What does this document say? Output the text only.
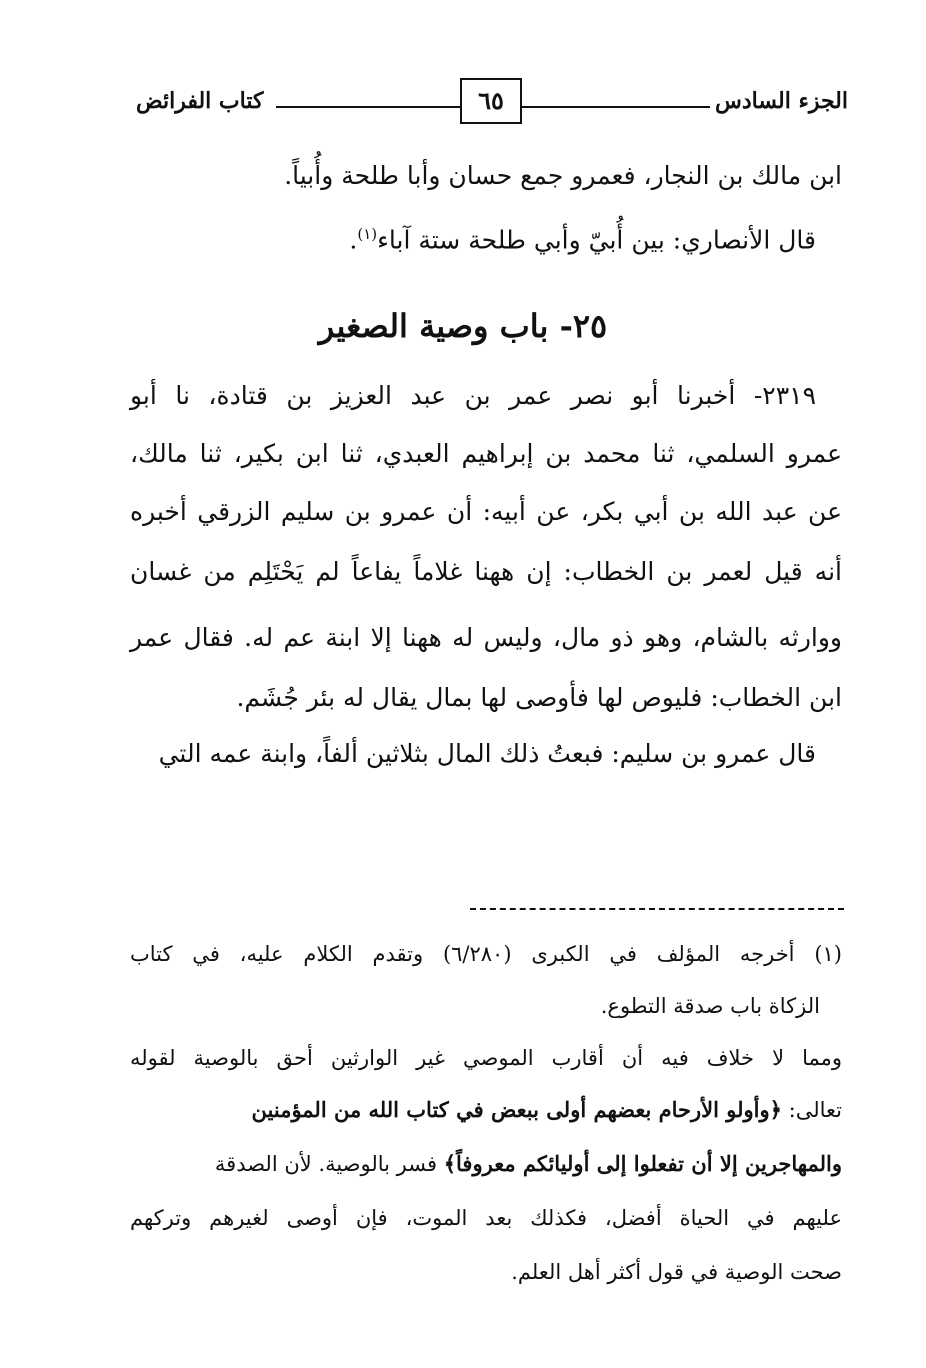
كتاب الفرائض	٦٥	الجزء السادس
ابن مالك بن النجار، فعمرو جمع حسان وأبا طلحة وأُبياً.
قال الأنصاري: بين أُبيّ وأبي طلحة ستة آباء$^{(١)}$.
٢٥- باب وصية الصغير
٢٣١٩- أخبرنا أبو نصر عمر بن عبد العزيز بن قتادة، نا أبو
عمرو السلمي، ثنا محمد بن إبراهيم العبدي، ثنا ابن بكير، ثنا مالك،
عن عبد الله بن أبي بكر، عن أبيه: أن عمرو بن سليم الزرقي أخبره
أنه قيل لعمر بن الخطاب: إن ههنا غلاماً يفاعاً لم يَحْتَلِم من غسان
ووارثه بالشام، وهو ذو مال، وليس له ههنا إلا ابنة عم له. فقال عمر
ابن الخطاب: فليوص لها فأوصى لها بمال يقال له بئر جُشَم.
قال عمرو بن سليم: فبعتُ ذلك المال بثلاثين ألفاً، وابنة عمه التي
(١) أخرجه المؤلف في الكبرى (٦/٢٨٠) وتقدم الكلام عليه، في كتاب
الزكاة باب صدقة التطوع.
ومما لا خلاف فيه أن أقارب الموصي غير الوارثين أحق بالوصية لقوله
تعالى: ﴿وأولو الأرحام بعضهم أولى ببعض في كتاب الله من المؤمنين
والمهاجرين إلا أن تفعلوا إلى أوليائكم معروفاً﴾ فسر بالوصية. لأن الصدقة
عليهم في الحياة أفضل، فكذلك بعد الموت، فإن أوصى لغيرهم وتركهم
صحت الوصية في قول أكثر أهل العلم.
